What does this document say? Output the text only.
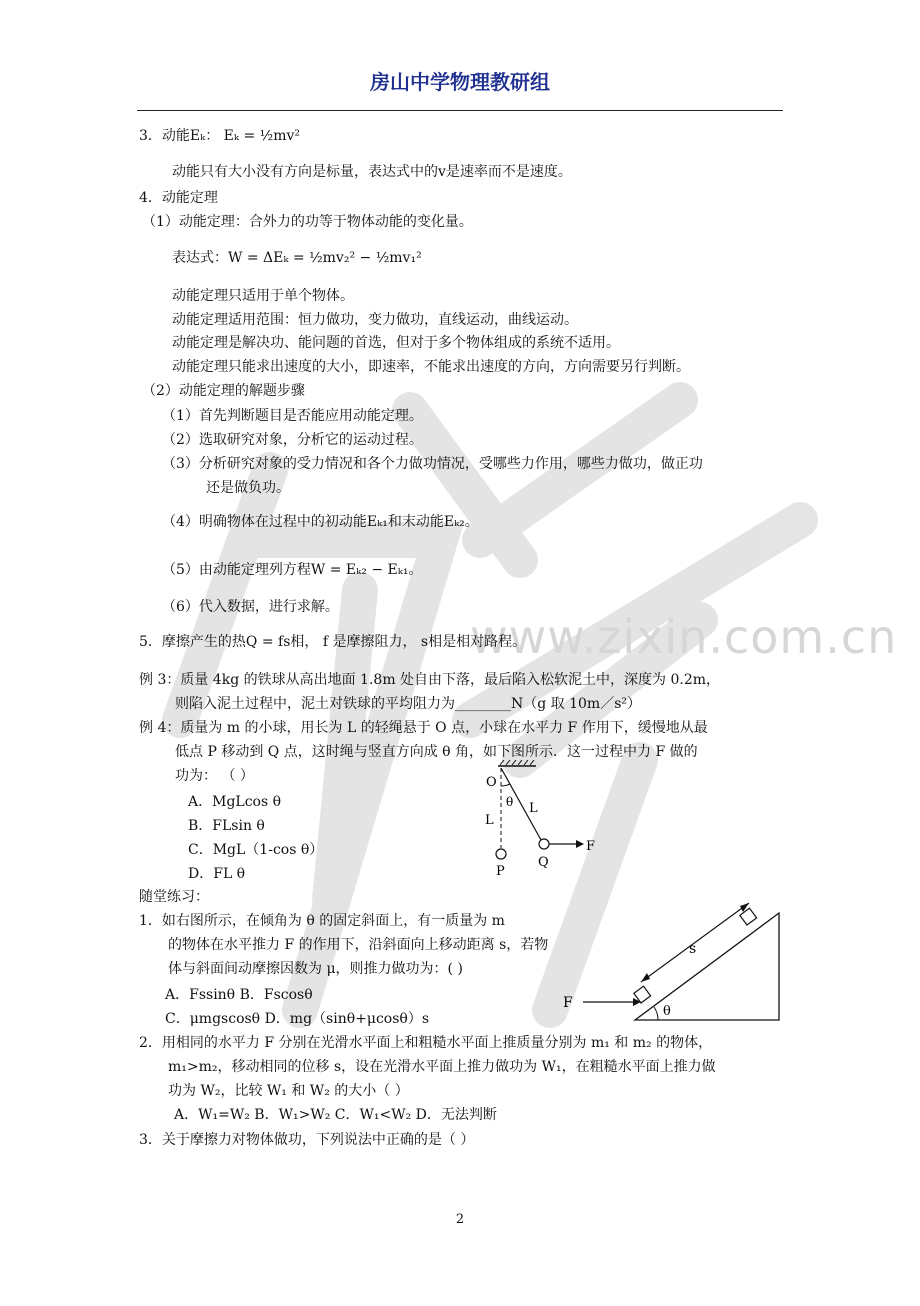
www.zixin.com.cn
房山中学物理教研组
3．动能Eₖ： Eₖ = ½mv²
动能只有大小没有方向是标量，表达式中的v是速率而不是速度。
4．动能定理
（1）动能定理：合外力的功等于物体动能的变化量。
表达式：W = ΔEₖ = ½mv₂² − ½mv₁²
动能定理只适用于单个物体。
动能定理适用范围：恒力做功，变力做功，直线运动，曲线运动。
动能定理是解决功、能问题的首选，但对于多个物体组成的系统不适用。
动能定理只能求出速度的大小，即速率，不能求出速度的方向，方向需要另行判断。
（2）动能定理的解题步骤
（1）首先判断题目是否能应用动能定理。
（2）选取研究对象，分析它的运动过程。
（3）分析研究对象的受力情况和各个力做功情况，受哪些力作用，哪些力做功，做正功
还是做负功。
（4）明确物体在过程中的初动能Eₖ₁和末动能Eₖ₂。
（5）由动能定理列方程W = Eₖ₂ − Eₖ₁。
（6）代入数据，进行求解。
5．摩擦产生的热Q = fs相， f 是摩擦阻力， s相是相对路程。
例 3：质量 4kg 的铁球从高出地面 1.8m 处自由下落，最后陷入松软泥土中，深度为 0.2m，
则陷入泥土过程中，泥土对铁球的平均阻力为________N（g 取 10m／s²）
例 4：质量为 m 的小球，用长为 L 的轻绳悬于 O 点，小球在水平力 F 作用下，缓慢地从最
低点 P 移动到 Q 点，这时绳与竖直方向成 θ 角，如下图所示．这一过程中力 F 做的
功为： （ ）
A．MgLcos θ
B．FLsin θ
C．MgL（1-cos θ）
D．FL θ
随堂练习：
1．如右图所示，在倾角为 θ 的固定斜面上，有一质量为 m
的物体在水平推力 F 的作用下，沿斜面向上移动距离 s，若物
体与斜面间动摩擦因数为 μ，则推力做功为：( )
A．Fssinθ B．Fscosθ
C．μmgscosθ D．mg（sinθ+μcosθ）s
2．用相同的水平力 F 分别在光滑水平面上和粗糙水平面上推质量分别为 m₁ 和 m₂ 的物体，
m₁>m₂，移动相同的位移 s，设在光滑水平面上推力做功为 W₁，在粗糙水平面上推力做
功为 W₂，比较 W₁ 和 W₂ 的大小（ ）
A．W₁=W₂ B．W₁>W₂ C．W₁<W₂ D．无法判断
3．关于摩擦力对物体做功，下列说法中正确的是（ ）
O
θ L
L
P
Q
F
s
F
θ
2
